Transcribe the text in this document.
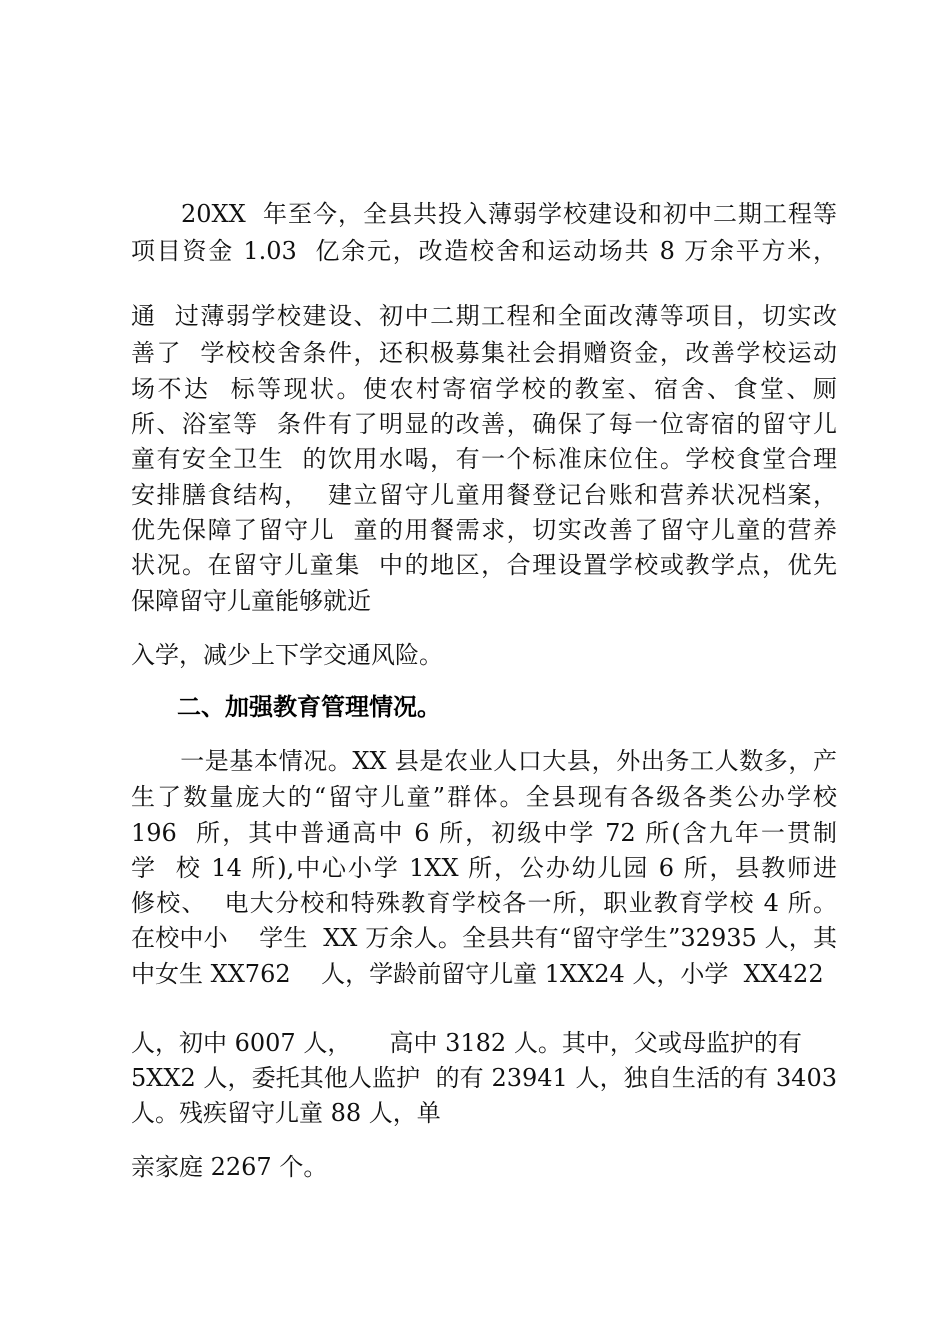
　　20XX  年至今，全县共投入薄弱学校建设和初中二期工程等
项目资金 1.03  亿余元，改造校舍和运动场共 8 万余平方米，
通  过薄弱学校建设、初中二期工程和全面改薄等项目，切实改
善了  学校校舍条件，还积极募集社会捐赠资金，改善学校运动
场不达  标等现状。使农村寄宿学校的教室、宿舍、食堂、厕
所、浴室等  条件有了明显的改善，确保了每一位寄宿的留守儿
童有安全卫生  的饮用水喝，有一个标准床位住。学校食堂合理
安排膳食结构，  建立留守儿童用餐登记台账和营养状况档案，
优先保障了留守儿  童的用餐需求，切实改善了留守儿童的营养
状况。在留守儿童集  中的地区，合理设置学校或教学点，优先
保障留守儿童能够就近
入学，减少上下学交通风险。
二、加强教育管理情况。
　　一是基本情况。XX 县是农业人口大县，外出务工人数多，产
生了数量庞大的“留守儿童”群体。全县现有各级各类公办学校
196  所，其中普通高中 6 所，初级中学 72 所(含九年一贯制
学  校 14 所),中心小学 1XX 所，公办幼儿园 6 所，县教师进
修校、  电大分校和特殊教育学校各一所，职业教育学校 4 所。
在校中小    学生  XX 万余人。全县共有“留守学生”32935 人，其
中女生 XX762    人，学龄前留守儿童 1XX24 人，小学  XX422
人，初中 6007 人，     高中 3182 人。其中，父或母监护的有
5XX2 人，委托其他人监护  的有 23941 人，独自生活的有 3403
人。残疾留守儿童 88 人，单
亲家庭 2267 个。
